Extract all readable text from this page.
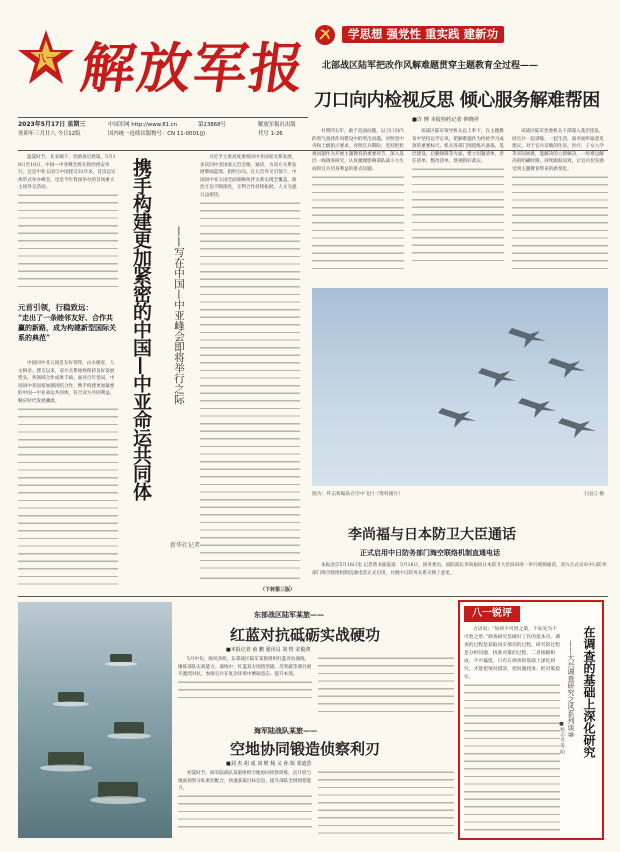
八一 解放军报
2023年5月17日 星期三
癸卯年三月廿八 今日12版
中国军网 http://www.81.cn	第23868号
国内统一连续出版物号：CN 11-0001(J)
解放军报社出版
代号 1-26
学思想 强党性 重实践 建新功
北部战区陆军把改作风解难题贯穿主题教育全过程——
刀口向内检视反思 倾心服务解难帮困
■许 博 本报特约记者 钟晓祥

对照四五年，敢于直面问题，以刀口向内的勇气查找作风建设中的突出问题。对照党中央和上级指示要求，对照官兵期盼，坚持把检视问题作为开展主题教育的重要环节，深入基层一线调查研究，认真梳理影响部队战斗力生成和官兵切身利益的难点问题。

该战区陆军领导机关以上率下，在主题教育中坚持以学正风，把解难题作为检验学习成效的重要标尺。机关各部门围绕练兵备战、基层建设、后勤保障等方面，建立问题清单、责任清单、整改清单，逐项抓好落实。

该战区陆军党委机关干部深入基层连队，同官兵一起训练、一起生活，面对面听取意见建议。对于官兵反映的住房、医疗、子女入学等实际困难，能解决的立即解决，一时难以解决的明确时限，持续跟踪问效，让官兵切实感受到主题教育带来的新变化。

盛夏时节，长安城下，丝路再启新篇。5月18日至19日，中国—中亚峰会将在陕西西安举行。这是中亚五国与中国建交31年来，首次以实体形式举办峰会，也是今年我国举办的首场重大主场外交活动。

元首引领，行稳致远：
“走出了一条睦邻友好、合作共赢的新路，成为构建新型国际关系的典范”

中国同中亚五国是友好邻邦，山水相连，人文相亲。建交以来，双方关系始终保持良好发展势头，各领域合作成果丰硕。面对百年变局，中国同中亚国家加强团结合作，携手构建更加紧密的中国—中亚命运共同体，符合双方共同利益，顺应时代发展潮流。	携手构建更加紧密的中国—中亚命运共同体 ——写在中国—中亚峰会即将举行之际
新华社记者

习近平主席高度重视同中亚国家关系发展，多次同中亚国家元首会晤、通话，为双方关系发展擘画蓝图、指明方向。在元首外交引领下，中国同中亚五国全面战略伙伴关系实现全覆盖，政治互信不断深化，互利合作持续拓展，人文交流日益密切。

图为：歼击机编队在空中飞行（资料图片）	王国云 摄
李尚福与日本防卫大臣通话
正式启用中日防务部门海空联络机制直通电话

本报北京5月16日电 记者黄书波报道：5月16日，国务委员、国防部长李尚福同日本防卫大臣滨田靖一举行视频通话，双方正式宣布中日防务部门海空联络机制直通电话正式启用，并就中日防务关系交换了意见。

（下转第三版）
东部战区陆军某旅——
红蓝对抗砥砺实战硬功
■本报记者 俞 鹏 通讯员 刘 煜 宋俊鸿

5月中旬，海风劲吹，东部战区陆军某旅组织红蓝对抗演练，锤炼部队实战能力。演练中，红蓝双方围绕突破、反突破等课目展开激烈对抗，参演官兵在复杂环境中磨砺意志、提升本领。

海军陆战队某旅——
空地协同锻造侦察利刃
■刘 杰 胡 成 刘 维 杨 义 孙 锐 张迪浩

初夏时节，海军陆战队某旅组织空地协同侦察训练，直升机与地面侦察分队密切配合，快速获取目标信息，提升部队全域侦察能力。

八一锐评

古语说：“如将不可胜之策，不如先为不可胜之形。”调查研究是做好工作的基本功，调查的过程是获取真实情况的过程，研究的过程是分析问题、找准对策的过程，二者相辅相成、不可偏废。只有在调查的基础上深化研究，才能把情况摸清、把问题找准、把对策提实。	在调查的基础上深化研究
——大兴调查研究之风系列谈⑩
■杨志龙 晏 阳
